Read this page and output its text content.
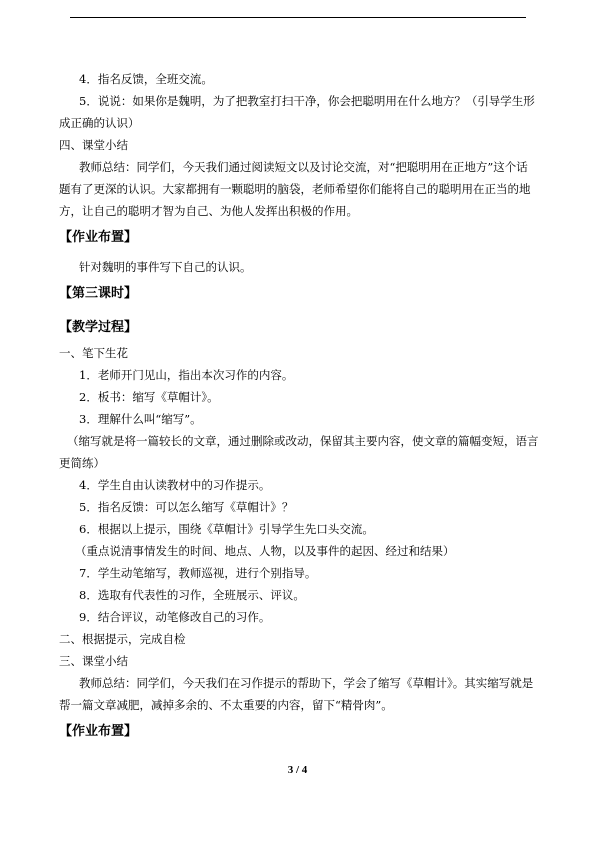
4．指名反馈，全班交流。
5．说说：如果你是魏明，为了把教室打扫干净，你会把聪明用在什么地方？（引导学生形成正确的认识）
四、课堂小结
教师总结：同学们，今天我们通过阅读短文以及讨论交流，对“把聪明用在正地方”这个话题有了更深的认识。大家都拥有一颗聪明的脑袋，老师希望你们能将自己的聪明用在正当的地方，让自己的聪明才智为自己、为他人发挥出积极的作用。
【作业布置】
针对魏明的事件写下自己的认识。
【第三课时】
【教学过程】
一、笔下生花
1．老师开门见山，指出本次习作的内容。
2．板书：缩写《草帽计》。
3．理解什么叫“缩写”。
（缩写就是将一篇较长的文章，通过删除或改动，保留其主要内容，使文章的篇幅变短，语言更简练）
4．学生自由认读教材中的习作提示。
5．指名反馈：可以怎么缩写《草帽计》？
6．根据以上提示，围绕《草帽计》引导学生先口头交流。
（重点说清事情发生的时间、地点、人物，以及事件的起因、经过和结果）
7．学生动笔缩写，教师巡视，进行个别指导。
8．选取有代表性的习作，全班展示、评议。
9．结合评议，动笔修改自己的习作。
二、根据提示，完成自检
三、课堂小结
教师总结：同学们，今天我们在习作提示的帮助下，学会了缩写《草帽计》。其实缩写就是帮一篇文章减肥，减掉多余的、不太重要的内容，留下“精骨肉”。
【作业布置】
3 / 4
